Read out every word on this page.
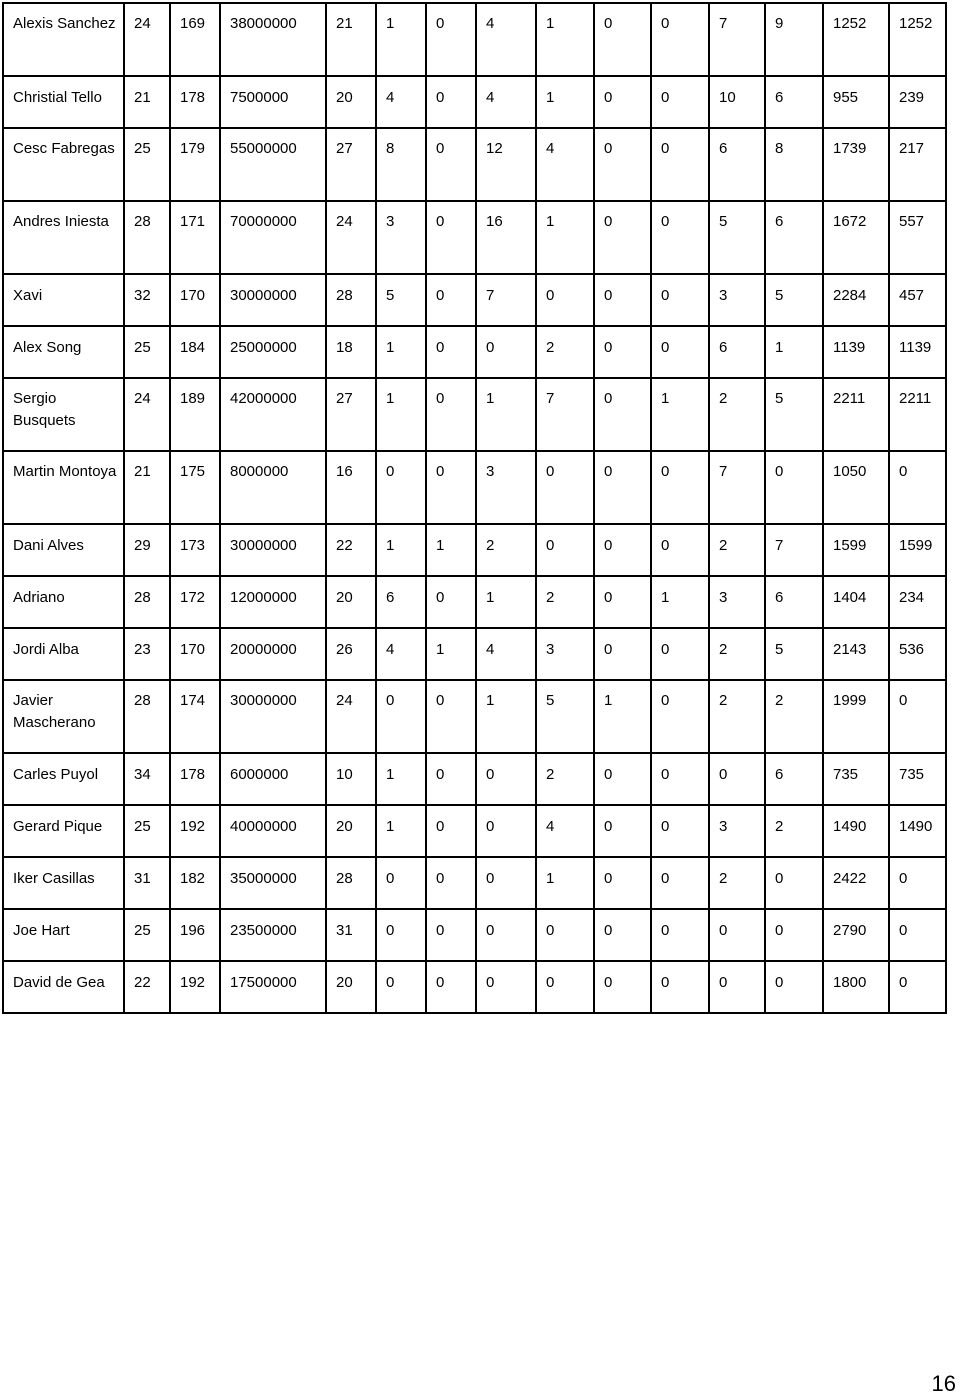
Alexis Sanchez	24	169	38000000	21	1	0	4	1	0	0	7	9	1252	1252
Christial Tello	21	178	7500000	20	4	0	4	1	0	0	10	6	955	239
Cesc Fabregas	25	179	55000000	27	8	0	12	4	0	0	6	8	1739	217
Andres Iniesta	28	171	70000000	24	3	0	16	1	0	0	5	6	1672	557
Xavi	32	170	30000000	28	5	0	7	0	0	0	3	5	2284	457
Alex Song	25	184	25000000	18	1	0	0	2	0	0	6	1	1139	1139
Sergio Busquets	24	189	42000000	27	1	0	1	7	0	1	2	5	2211	2211
Martin Montoya	21	175	8000000	16	0	0	3	0	0	0	7	0	1050	0
Dani Alves	29	173	30000000	22	1	1	2	0	0	0	2	7	1599	1599
Adriano	28	172	12000000	20	6	0	1	2	0	1	3	6	1404	234
Jordi Alba	23	170	20000000	26	4	1	4	3	0	0	2	5	2143	536
Javier Mascherano	28	174	30000000	24	0	0	1	5	1	0	2	2	1999	0
Carles Puyol	34	178	6000000	10	1	0	0	2	0	0	0	6	735	735
Gerard Pique	25	192	40000000	20	1	0	0	4	0	0	3	2	1490	1490
Iker Casillas	31	182	35000000	28	0	0	0	1	0	0	2	0	2422	0
Joe Hart	25	196	23500000	31	0	0	0	0	0	0	0	0	2790	0
David de Gea	22	192	17500000	20	0	0	0	0	0	0	0	0	1800	0
16
